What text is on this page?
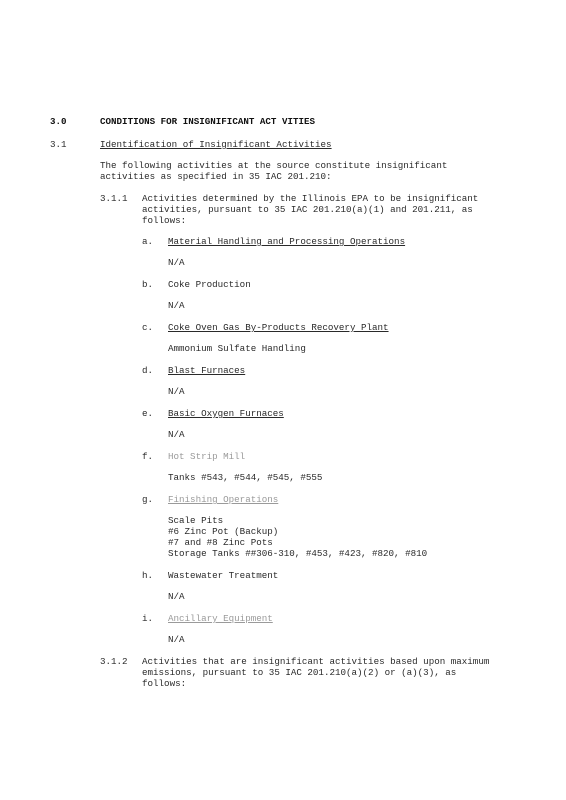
3.0	CONDITIONS FOR INSIGNIFICANT ACT VITIES
3.1	Identification of Insignificant Activities
The following activities at the source constitute insignificant
activities as specified in 35 IAC 201.210:
3.1.1 Activities determined by the Illinois EPA to be insignificant
activities, pursuant to 35 IAC 201.210(a)(1) and 201.211, as
follows:
a. Material Handling and Processing Operations
N/A
b. Coke Production
N/A
c. Coke Oven Gas By-Products Recovery Plant
Ammonium Sulfate Handling
d. Blast Furnaces
N/A
e. Basic Oxygen Furnaces
N/A
f. Hot Strip Mill
Tanks #543, #544, #545, #555
g. Finishing Operations
Scale Pits
#6 Zinc Pot (Backup)
#7 and #8 Zinc Pots
Storage Tanks ##306-310, #453, #423, #820, #810
h. Wastewater Treatment
N/A
i. Ancillary Equipment
N/A
3.1.2 Activities that are insignificant activities based upon maximum
emissions, pursuant to 35 IAC 201.210(a)(2) or (a)(3), as
follows:
